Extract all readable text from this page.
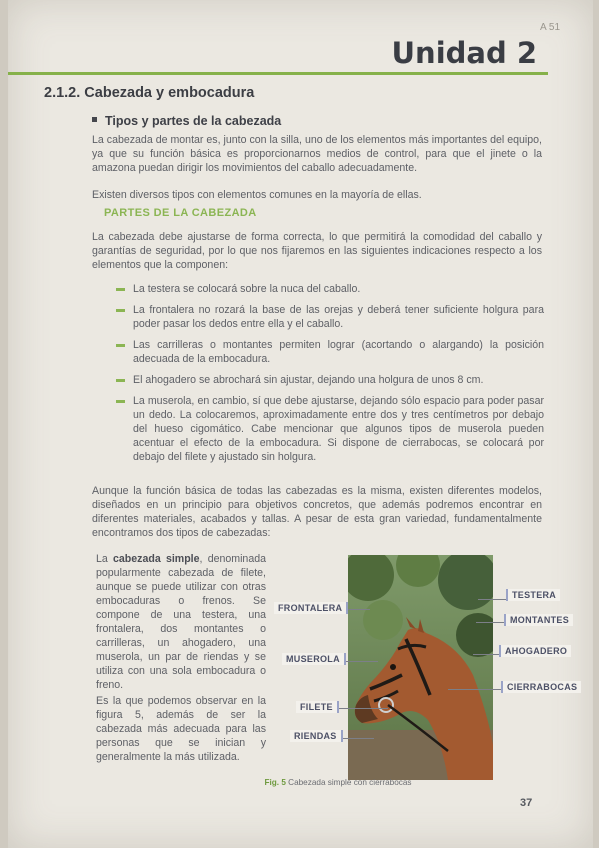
A 51
Unidad 2
2.1.2. Cabezada y embocadura
Tipos y partes de la cabezada
La cabezada de montar es, junto con la silla, uno de los elementos más importantes del equipo, ya que su función básica es proporcionarnos medios de control, para que el jinete o la amazona puedan dirigir los movimientos del caballo adecuadamente.
Existen diversos tipos con elementos comunes en la mayoría de ellas.
PARTES DE LA CABEZADA
La cabezada debe ajustarse de forma correcta, lo que permitirá la comodidad del caballo y garantías de seguridad, por lo que nos fijaremos en las siguientes indicaciones respecto a los elementos que la componen:
La testera se colocará sobre la nuca del caballo.
La frontalera no rozará la base de las orejas y deberá tener suficiente holgura para poder pasar los dedos entre ella y el caballo.
Las carrilleras o montantes permiten lograr (acortando o alargando) la posición adecuada de la embocadura.
El ahogadero se abrochará sin ajustar, dejando una holgura de unos 8 cm.
La muserola, en cambio, sí que debe ajustarse, dejando sólo espacio para poder pasar un dedo. La colocaremos, aproximadamente entre dos y tres centímetros por debajo del hueso cigomático. Cabe mencionar que algunos tipos de muserola pueden acentuar el efecto de la embocadura. Si dispone de cierrabocas, se colocará por debajo del filete y ajustado sin holgura.
Aunque la función básica de todas las cabezadas es la misma, existen diferentes modelos, diseñados en un principio para objetivos concretos, que además podremos encontrar en diferentes materiales, acabados y tallas. A pesar de esta gran variedad, fundamentalmente encontramos dos tipos de cabezadas:
La cabezada simple, denominada popularmente cabezada de filete, aunque se puede utilizar con otras embocaduras o frenos. Se compone de una testera, una frontalera, dos montantes o carrilleras, un ahogadero, una muserola, un par de riendas y se utiliza con una sola embocadura o freno.
Es la que podemos observar en la figura 5, además de ser la cabezada más adecuada para las personas que se inician y generalmente la más utilizada.
TESTERA
FRONTALERA
MONTANTES
MUSEROLA
AHOGADERO
CIERRABOCAS
FILETE
RIENDAS
Fig. 5 Cabezada simple con cierrabocas
37
